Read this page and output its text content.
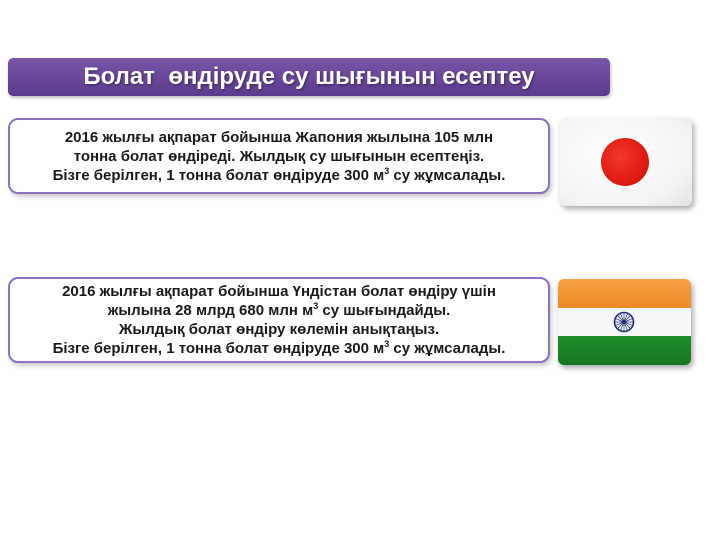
Болат  өндіруде су шығынын есептеу
2016 жылғы ақпарат бойынша Жапония жылына 105 млн
тонна болат өндіреді. Жылдық су шығынын есептеңіз.
Бізге берілген, 1 тонна болат өндіруде 300 $м^3$ су жұмсалады.
2016 жылғы ақпарат бойынша Үндістан болат өндіру үшін
жылына 28 млрд 680 млн $м^3$ су шығындайды.
Жылдық болат өндіру көлемін анықтаңыз.
Бізге берілген, 1 тонна болат өндіруде 300 $м^3$ су жұмсалады.
